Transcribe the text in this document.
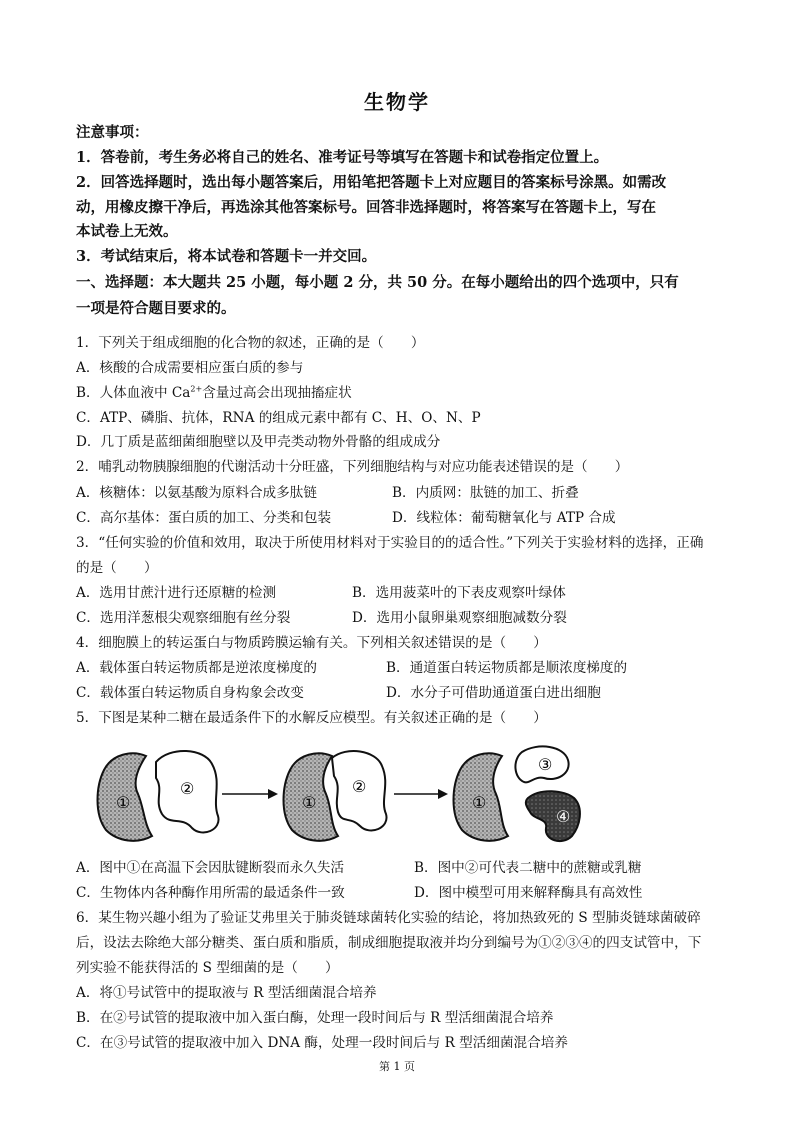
生物学
注意事项：
1．答卷前，考生务必将自己的姓名、准考证号等填写在答题卡和试卷指定位置上。
2．回答选择题时，选出每小题答案后，用铅笔把答题卡上对应题目的答案标号涂黑。如需改
动，用橡皮擦干净后，再选涂其他答案标号。回答非选择题时，将答案写在答题卡上，写在
本试卷上无效。
3．考试结束后，将本试卷和答题卡一并交回。
一、选择题：本大题共 25 小题，每小题 2 分，共 50 分。在每小题给出的四个选项中，只有
一项是符合题目要求的。
1．下列关于组成细胞的化合物的叙述，正确的是（　　）
A．核酸的合成需要相应蛋白质的参与
B．人体血液中 $Ca^{2+}$含量过高会出现抽搐症状
C．ATP、磷脂、抗体，RNA 的组成元素中都有 C、H、O、N、P
D．几丁质是蓝细菌细胞壁以及甲壳类动物外骨骼的组成成分
2．哺乳动物胰腺细胞的代谢活动十分旺盛，下列细胞结构与对应功能表述错误的是（　　）
A．核糖体：以氨基酸为原料合成多肽链	B．内质网：肽链的加工、折叠
C．高尔基体：蛋白质的加工、分类和包装	D．线粒体：葡萄糖氧化与 ATP 合成
3．“任何实验的价值和效用，取决于所使用材料对于实验目的的适合性。”下列关于实验材料的选择，正确
的是（　　）
A．选用甘蔗汁进行还原糖的检测	B．选用菠菜叶的下表皮观察叶绿体
C．选用洋葱根尖观察细胞有丝分裂	D．选用小鼠卵巢观察细胞减数分裂
4．细胞膜上的转运蛋白与物质跨膜运输有关。下列相关叙述错误的是（　　）
A．载体蛋白转运物质都是逆浓度梯度的	B．通道蛋白转运物质都是顺浓度梯度的
C．载体蛋白转运物质自身构象会改变	D．水分子可借助通道蛋白进出细胞
5．下图是某种二糖在最适条件下的水解反应模型。有关叙述正确的是（　　）
①
②
①
②
①
③
④
A．图中①在高温下会因肽键断裂而永久失活	B．图中②可代表二糖中的蔗糖或乳糖
C．生物体内各种酶作用所需的最适条件一致	D．图中模型可用来解释酶具有高效性
6．某生物兴趣小组为了验证艾弗里关于肺炎链球菌转化实验的结论，将加热致死的 S 型肺炎链球菌破碎
后，设法去除绝大部分糖类、蛋白质和脂质，制成细胞提取液并均分到编号为①②③④的四支试管中，下
列实验不能获得活的 S 型细菌的是（　　）
A．将①号试管中的提取液与 R 型活细菌混合培养
B．在②号试管的提取液中加入蛋白酶，处理一段时间后与 R 型活细菌混合培养
C．在③号试管的提取液中加入 DNA 酶，处理一段时间后与 R 型活细菌混合培养
第 1 页
